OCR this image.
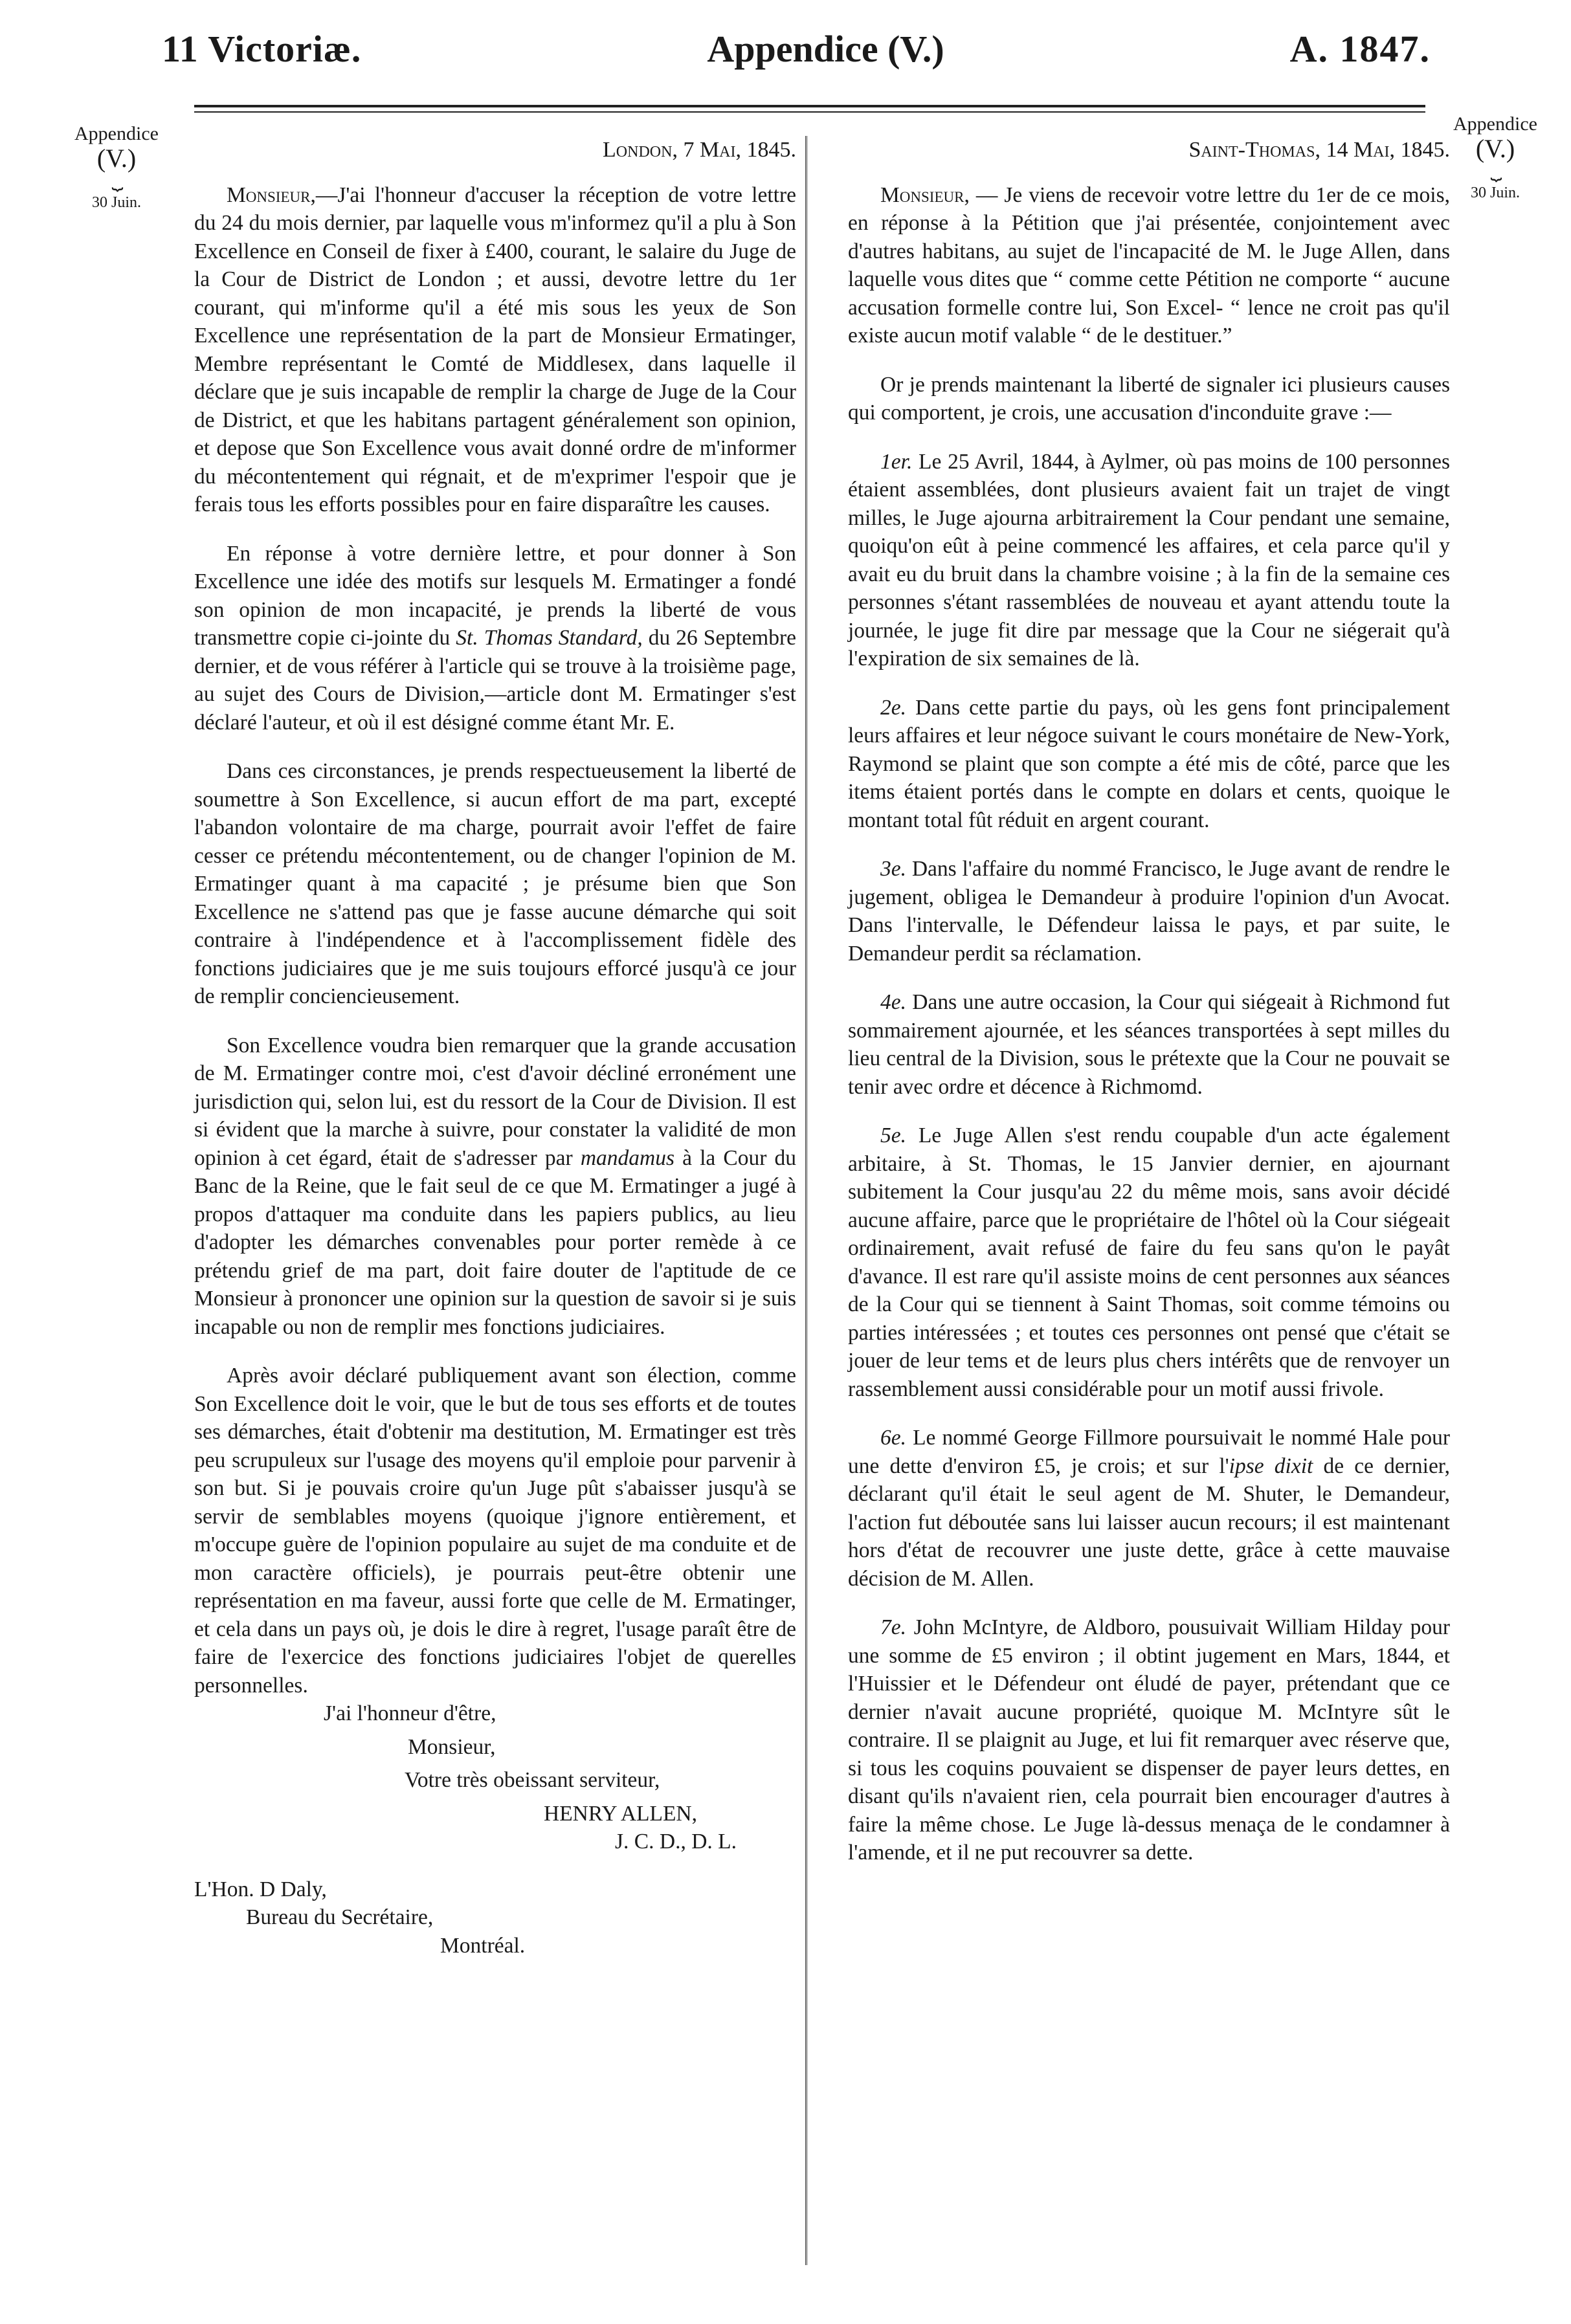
11 Victoriæ.	Appendice (V.)	A. 1847.
Appendice
(V.)
⏟
30 Juin.
Appendice
(V.)
⏟
30 Juin.
London, 7 Mai, 1845.

Monsieur,—J'ai l'honneur d'accuser la réception de votre lettre du 24 du mois dernier, par laquelle vous m'informez qu'il a plu à Son Excellence en Conseil de fixer à £400, courant, le salaire du Juge de la Cour de District de London ; et aussi, devotre lettre du 1er courant, qui m'informe qu'il a été mis sous les yeux de Son Excellence une représentation de la part de Monsieur Ermatinger, Membre représentant le Comté de Middlesex, dans laquelle il déclare que je suis incapable de remplir la charge de Juge de la Cour de District, et que les habitans partagent généralement son opinion, et depose que Son Excellence vous avait donné ordre de m'informer du mécontentement qui régnait, et de m'exprimer l'espoir que je ferais tous les efforts possibles pour en faire disparaître les causes.

En réponse à votre dernière lettre, et pour donner à Son Excellence une idée des motifs sur lesquels M. Ermatinger a fondé son opinion de mon incapacité, je prends la liberté de vous transmettre copie ci-jointe du St. Thomas Standard, du 26 Septembre dernier, et de vous référer à l'article qui se trouve à la troisième page, au sujet des Cours de Division,—article dont M. Ermatinger s'est déclaré l'auteur, et où il est désigné comme étant Mr. E.

Dans ces circonstances, je prends respectueusement la liberté de soumettre à Son Excellence, si aucun effort de ma part, excepté l'abandon volontaire de ma charge, pourrait avoir l'effet de faire cesser ce prétendu mécontentement, ou de changer l'opinion de M. Ermatinger quant à ma capacité ; je présume bien que Son Excellence ne s'attend pas que je fasse aucune démarche qui soit contraire à l'indépendence et à l'accomplissement fidèle des fonctions judiciaires que je me suis toujours efforcé jusqu'à ce jour de remplir conciencieusement.

Son Excellence voudra bien remarquer que la grande accusation de M. Ermatinger contre moi, c'est d'avoir décliné erronément une jurisdiction qui, selon lui, est du ressort de la Cour de Division. Il est si évident que la marche à suivre, pour constater la validité de mon opinion à cet égard, était de s'adresser par mandamus à la Cour du Banc de la Reine, que le fait seul de ce que M. Ermatinger a jugé à propos d'attaquer ma conduite dans les papiers publics, au lieu d'adopter les démarches convenables pour porter remède à ce prétendu grief de ma part, doit faire douter de l'aptitude de ce Monsieur à prononcer une opinion sur la question de savoir si je suis incapable ou non de remplir mes fonctions judiciaires.

Après avoir déclaré publiquement avant son élection, comme Son Excellence doit le voir, que le but de tous ses efforts et de toutes ses démarches, était d'obtenir ma destitution, M. Ermatinger est très peu scrupuleux sur l'usage des moyens qu'il emploie pour parvenir à son but. Si je pouvais croire qu'un Juge pût s'abaisser jusqu'à se servir de semblables moyens (quoique j'ignore entièrement, et m'occupe guère de l'opinion populaire au sujet de ma conduite et de mon caractère officiels), je pourrais peut-être obtenir une représentation en ma faveur, aussi forte que celle de M. Ermatinger, et cela dans un pays où, je dois le dire à regret, l'usage paraît être de faire de l'exercice des fonctions judiciaires l'objet de querelles personnelles.

J'ai l'honneur d'être,
Monsieur,
Votre très obeissant serviteur,
HENRY ALLEN,
J. C. D., D. L.
L'Hon. D Daly,
Bureau du Secrétaire,
Montréal.
Saint-Thomas, 14 Mai, 1845.

Monsieur, — Je viens de recevoir votre lettre du 1er de ce mois, en réponse à la Pétition que j'ai présentée, conjointement avec d'autres habitans, au sujet de l'incapacité de M. le Juge Allen, dans laquelle vous dites que “ comme cette Pétition ne comporte “ aucune accusation formelle contre lui, Son Excel- “ lence ne croit pas qu'il existe aucun motif valable “ de le destituer.”

Or je prends maintenant la liberté de signaler ici plusieurs causes qui comportent, je crois, une accusation d'inconduite grave :—

1er. Le 25 Avril, 1844, à Aylmer, où pas moins de 100 personnes étaient assemblées, dont plusieurs avaient fait un trajet de vingt milles, le Juge ajourna arbitrairement la Cour pendant une semaine, quoiqu'on eût à peine commencé les affaires, et cela parce qu'il y avait eu du bruit dans la chambre voisine ; à la fin de la semaine ces personnes s'étant rassemblées de nouveau et ayant attendu toute la journée, le juge fit dire par message que la Cour ne siégerait qu'à l'expiration de six semaines de là.

2e. Dans cette partie du pays, où les gens font principalement leurs affaires et leur négoce suivant le cours monétaire de New-York, Raymond se plaint que son compte a été mis de côté, parce que les items étaient portés dans le compte en dolars et cents, quoique le montant total fût réduit en argent courant.

3e. Dans l'affaire du nommé Francisco, le Juge avant de rendre le jugement, obligea le Demandeur à produire l'opinion d'un Avocat. Dans l'intervalle, le Défendeur laissa le pays, et par suite, le Demandeur perdit sa réclamation.

4e. Dans une autre occasion, la Cour qui siégeait à Richmond fut sommairement ajournée, et les séances transportées à sept milles du lieu central de la Division, sous le prétexte que la Cour ne pouvait se tenir avec ordre et décence à Richmomd.

5e. Le Juge Allen s'est rendu coupable d'un acte également arbitaire, à St. Thomas, le 15 Janvier dernier, en ajournant subitement la Cour jusqu'au 22 du même mois, sans avoir décidé aucune affaire, parce que le propriétaire de l'hôtel où la Cour siégeait ordinairement, avait refusé de faire du feu sans qu'on le payât d'avance. Il est rare qu'il assiste moins de cent personnes aux séances de la Cour qui se tiennent à Saint Thomas, soit comme témoins ou parties intéressées ; et toutes ces personnes ont pensé que c'était se jouer de leur tems et de leurs plus chers intérêts que de renvoyer un rassemblement aussi considérable pour un motif aussi frivole.

6e. Le nommé George Fillmore poursuivait le nommé Hale pour une dette d'environ £5, je crois; et sur l'ipse dixit de ce dernier, déclarant qu'il était le seul agent de M. Shuter, le Demandeur, l'action fut déboutée sans lui laisser aucun recours; il est maintenant hors d'état de recouvrer une juste dette, grâce à cette mauvaise décision de M. Allen.

7e. John McIntyre, de Aldboro, pousuivait William Hilday pour une somme de £5 environ ; il obtint jugement en Mars, 1844, et l'Huissier et le Défendeur ont éludé de payer, prétendant que ce dernier n'avait aucune propriété, quoique M. McIntyre sût le contraire. Il se plaignit au Juge, et lui fit remarquer avec réserve que, si tous les coquins pouvaient se dispenser de payer leurs dettes, en disant qu'ils n'avaient rien, cela pourrait bien encourager d'autres à faire la même chose. Le Juge là-dessus menaça de le condamner à l'amende, et il ne put recouvrer sa dette.
